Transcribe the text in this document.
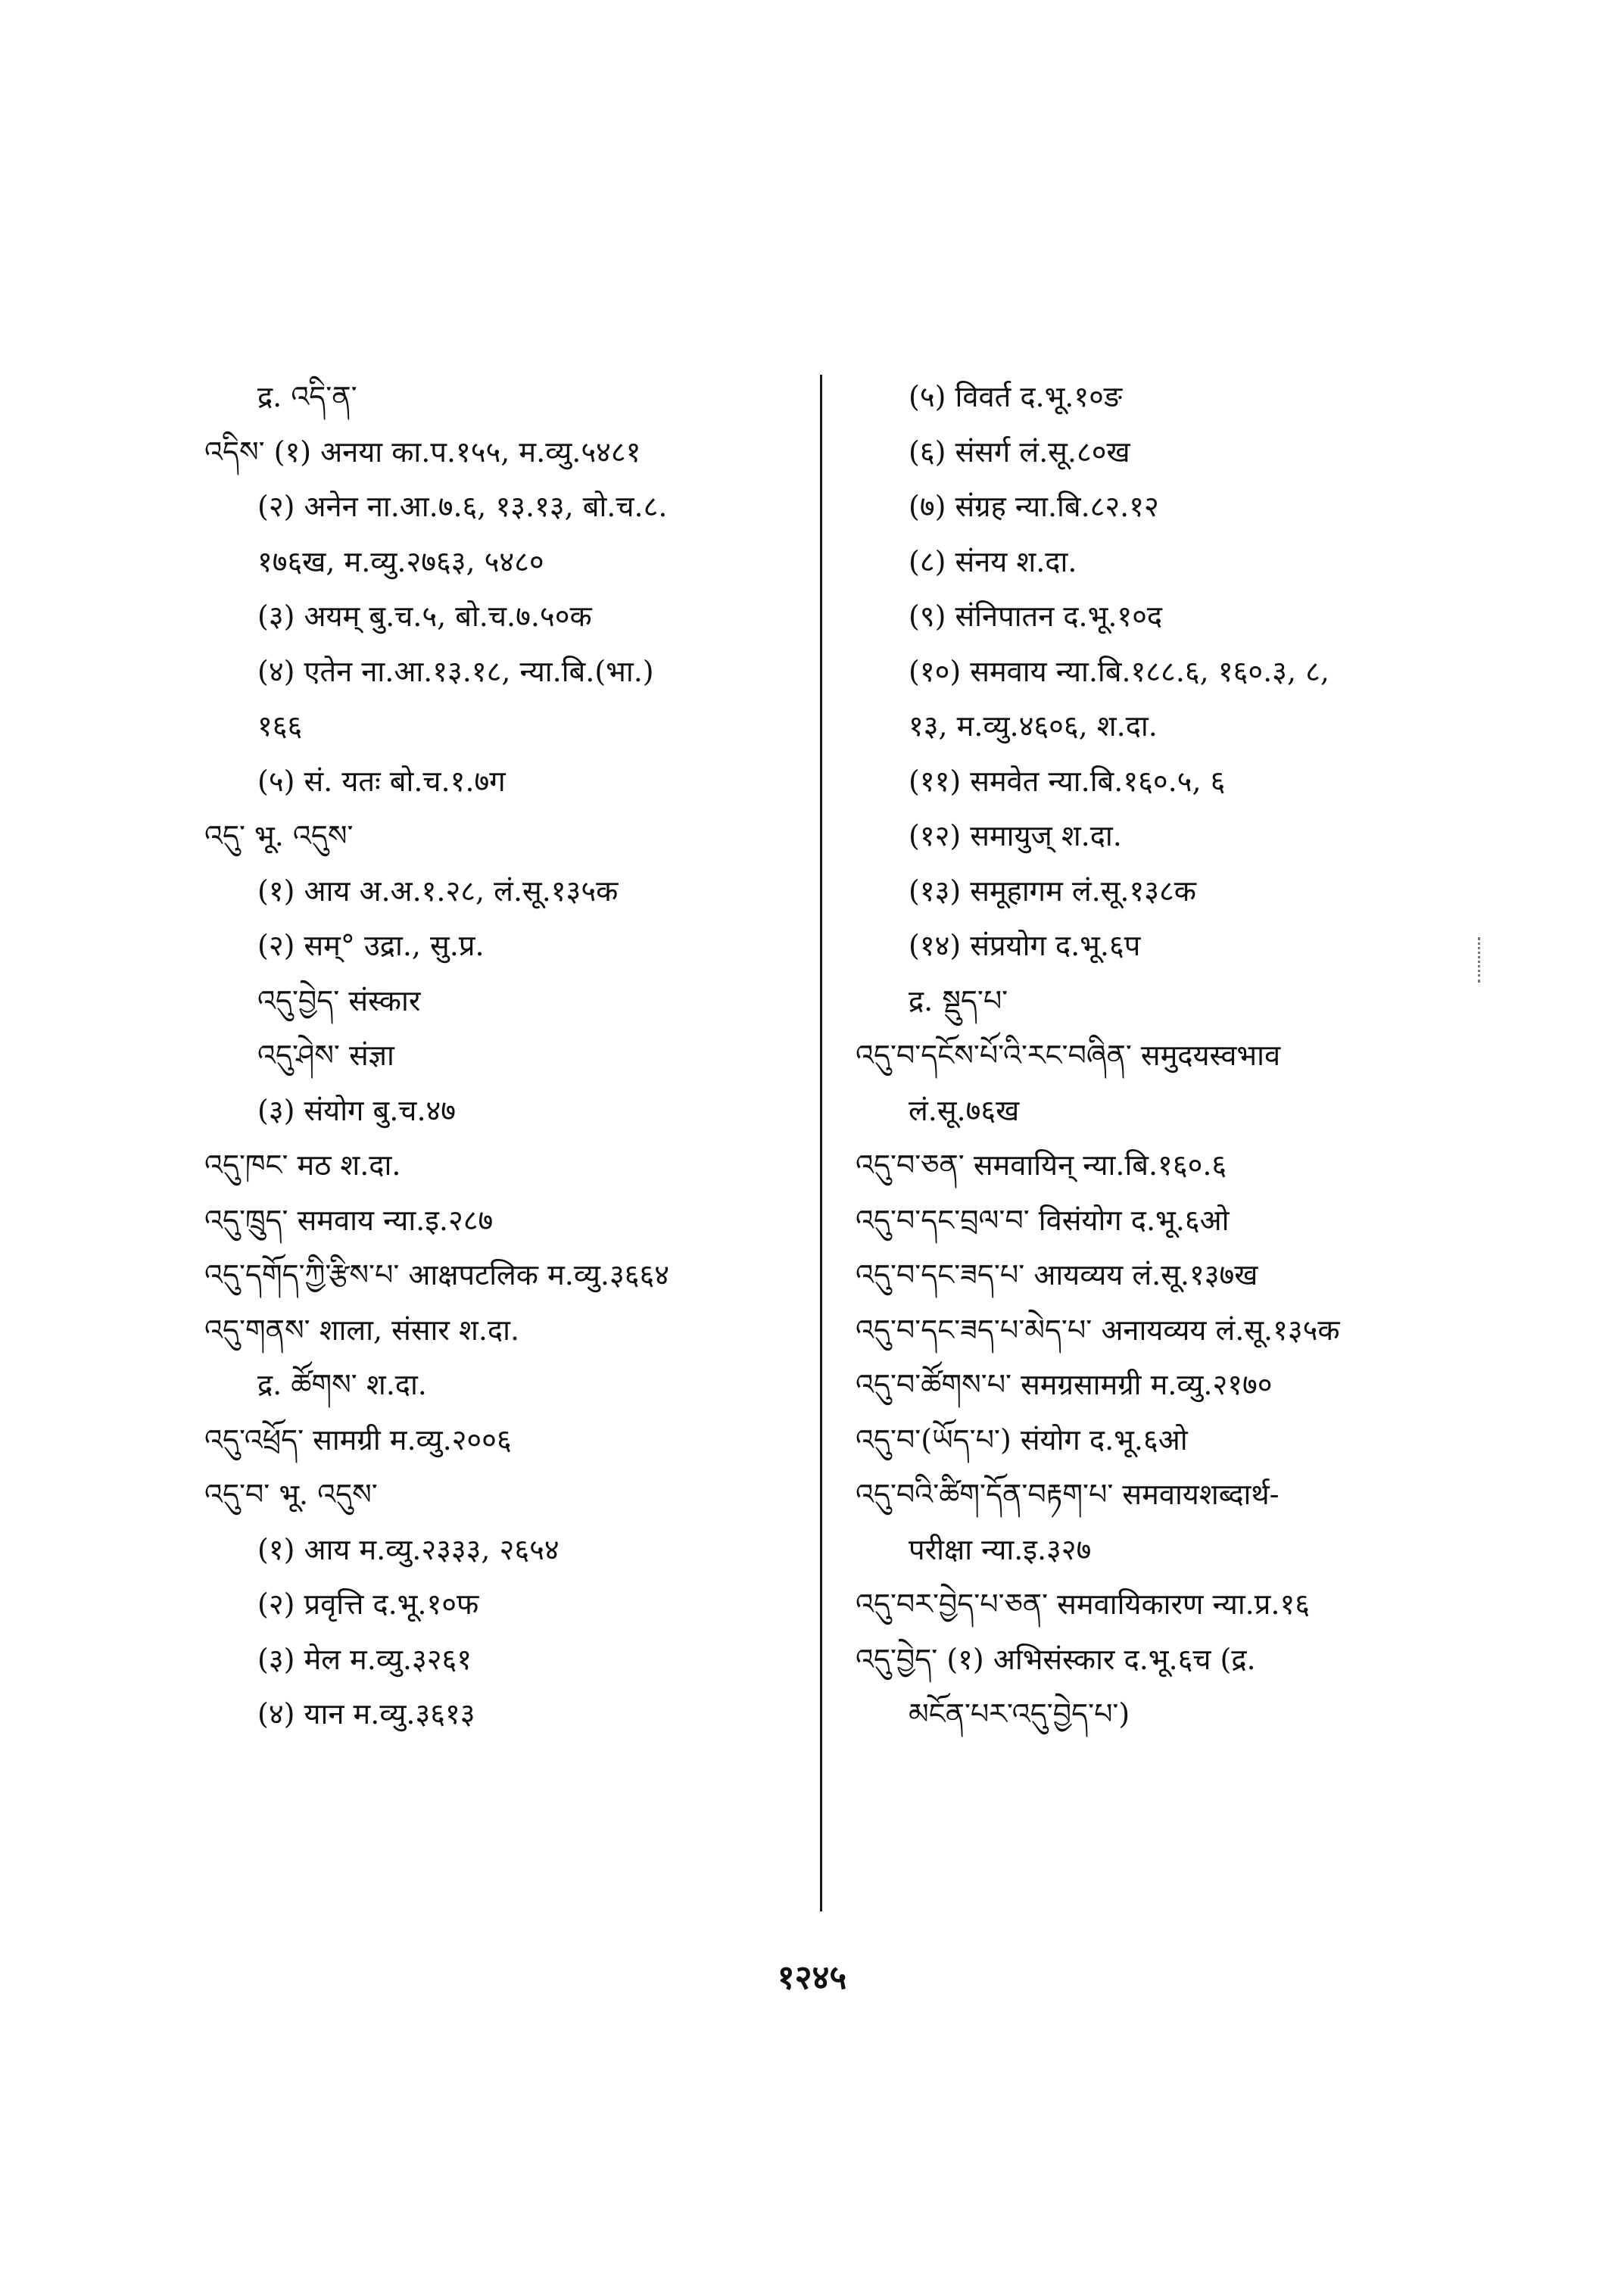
द्र. འདི་ན་
འདིས་ (१) अनया का.प.१५५, म.व्यु.५४८१
(२) अनेन ना.आ.७.६, १३.१३, बो.च.८.
१७६ख, म.व्यु.२७६३, ५४८०
(३) अयम् बु.च.५, बो.च.७.५०क
(४) एतेन ना.आ.१३.१८, न्या.बि.(भा.)
१६६
(५) सं. यतः बो.च.१.७ग
འདུ་ भू. འདུས་
(१) आय अ.अ.१.२८, लं.सू.१३५क
(२) सम्° उद्रा., सु.प्र.
འདུ་བྱེད་ संस्कार
འདུ་ཤེས་ संज्ञा
(३) संयोग बु.च.४७
འདུ་ཁང་ मठ श.दा.
འདུ་ཁྲུད་ समवाय न्या.इ.२८७
འདུ་དགོད་ཀྱི་རྩིས་པ་ आक्षपटलिक म.व्यु.३६६४
འདུ་གནས་ शाला, संसार श.दा.
द्र. ཚོགས་ श.दा.
འདུ་འཕྲོད་ सामग्री म.व्यु.२००६
འདུ་བ་ भू. འདུས་
(१) आय म.व्यु.२३३३, २६५४
(२) प्रवृत्ति द.भू.१०फ
(३) मेल म.व्यु.३२६१
(४) यान म.व्यु.३६१३
(५) विवर्त द.भू.१०ङ
(६) संसर्ग लं.सू.८०ख
(७) संग्रह न्या.बि.८२.१२
(८) संनय श.दा.
(९) संनिपातन द.भू.१०द
(१०) समवाय न्या.बि.१८८.६, १६०.३, ८,
१३, म.व्यु.४६०६, श.दा.
(११) समवेत न्या.बि.१६०.५, ६
(१२) समायुज् श.दा.
(१३) समूहागम लं.सू.१३८क
(१४) संप्रयोग द.भू.६प
द्र. སྡུད་པ་
འདུ་བ་དངོས་པོ་འི་རང་བཞིན་ समुदयस्वभाव
लं.सू.७६ख
འདུ་བ་ཅན་ समवायिन् न्या.बि.१६०.६
འདུ་བ་དང་བྲལ་བ་ विसंयोग द.भू.६ओ
འདུ་བ་དང་ཟད་པ་ आयव्यय लं.सू.१३७ख
འདུ་བ་དང་ཟད་པ་མེད་པ་ अनायव्यय लं.सू.१३५क
འདུ་བ་ཚོགས་པ་ समग्रसामग्री म.व्यु.२१७०
འདུ་བ་(ཡོད་པ་) संयोग द.भू.६ओ
འདུ་བའི་ཚིག་དོན་བརྟག་པ་ समवायशब्दार्थ-
परीक्षा न्या.इ.३२७
འདུ་བར་བྱེད་པ་ཅན་ समवायिकारण न्या.प्र.१६
འདུ་བྱེད་ (१) अभिसंस्कार द.भू.६च (द्र.
མངོན་པར་འདུ་བྱེད་པ་)
१२४५
